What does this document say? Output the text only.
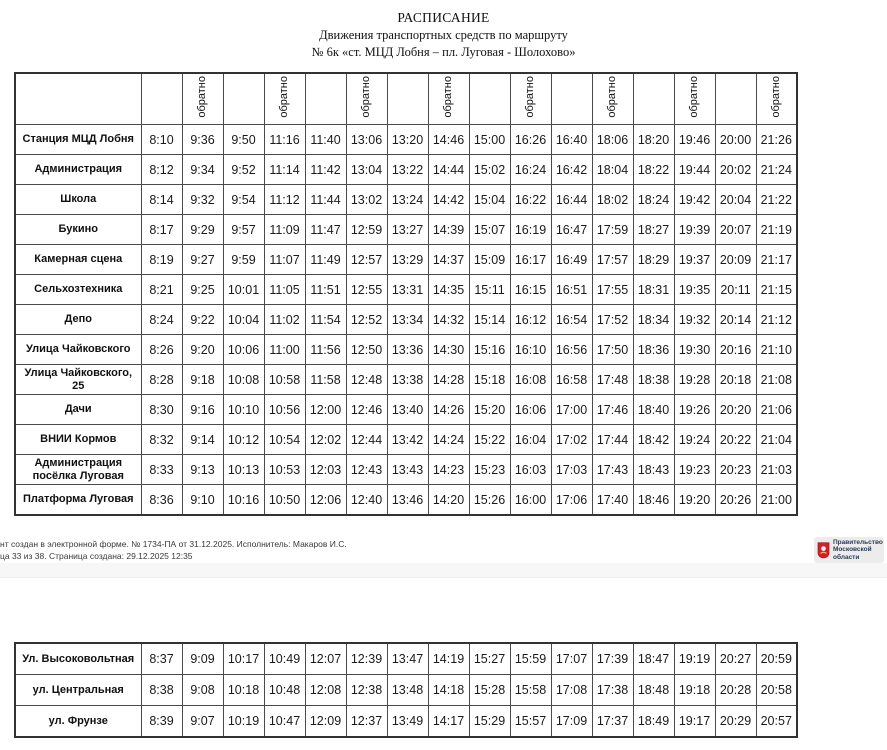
РАСПИСАНИЕ
Движения транспортных средств по маршруту
№ 6к «ст. МЦД Лобня – пл. Луговая - Шолохово»
		обратно		обратно		обратно		обратно		обратно		обратно		обратно		обратно
Станция МЦД Лобня	8:10	9:36	9:50	11:16	11:40	13:06	13:20	14:46	15:00	16:26	16:40	18:06	18:20	19:46	20:00	21:26
Администрация	8:12	9:34	9:52	11:14	11:42	13:04	13:22	14:44	15:02	16:24	16:42	18:04	18:22	19:44	20:02	21:24
Школа	8:14	9:32	9:54	11:12	11:44	13:02	13:24	14:42	15:04	16:22	16:44	18:02	18:24	19:42	20:04	21:22
Букино	8:17	9:29	9:57	11:09	11:47	12:59	13:27	14:39	15:07	16:19	16:47	17:59	18:27	19:39	20:07	21:19
Камерная сцена	8:19	9:27	9:59	11:07	11:49	12:57	13:29	14:37	15:09	16:17	16:49	17:57	18:29	19:37	20:09	21:17
Сельхозтехника	8:21	9:25	10:01	11:05	11:51	12:55	13:31	14:35	15:11	16:15	16:51	17:55	18:31	19:35	20:11	21:15
Депо	8:24	9:22	10:04	11:02	11:54	12:52	13:34	14:32	15:14	16:12	16:54	17:52	18:34	19:32	20:14	21:12
Улица Чайковского	8:26	9:20	10:06	11:00	11:56	12:50	13:36	14:30	15:16	16:10	16:56	17:50	18:36	19:30	20:16	21:10
Улица Чайковского, 25	8:28	9:18	10:08	10:58	11:58	12:48	13:38	14:28	15:18	16:08	16:58	17:48	18:38	19:28	20:18	21:08
Дачи	8:30	9:16	10:10	10:56	12:00	12:46	13:40	14:26	15:20	16:06	17:00	17:46	18:40	19:26	20:20	21:06
ВНИИ Кормов	8:32	9:14	10:12	10:54	12:02	12:44	13:42	14:24	15:22	16:04	17:02	17:44	18:42	19:24	20:22	21:04
Администрация посёлка Луговая	8:33	9:13	10:13	10:53	12:03	12:43	13:43	14:23	15:23	16:03	17:03	17:43	18:43	19:23	20:23	21:03
Платформа Луговая	8:36	9:10	10:16	10:50	12:06	12:40	13:46	14:20	15:26	16:00	17:06	17:40	18:46	19:20	20:26	21:00
нт создан в электронной форме. № 1734-ПА от 31.12.2025. Исполнитель: Макаров И.С.
ца 33 из 38. Страница создана: 29.12.2025 12:35
Правительство
Московской области
Ул. Высоковольтная	8:37	9:09	10:17	10:49	12:07	12:39	13:47	14:19	15:27	15:59	17:07	17:39	18:47	19:19	20:27	20:59
ул. Центральная	8:38	9:08	10:18	10:48	12:08	12:38	13:48	14:18	15:28	15:58	17:08	17:38	18:48	19:18	20:28	20:58
ул. Фрунзе	8:39	9:07	10:19	10:47	12:09	12:37	13:49	14:17	15:29	15:57	17:09	17:37	18:49	19:17	20:29	20:57
